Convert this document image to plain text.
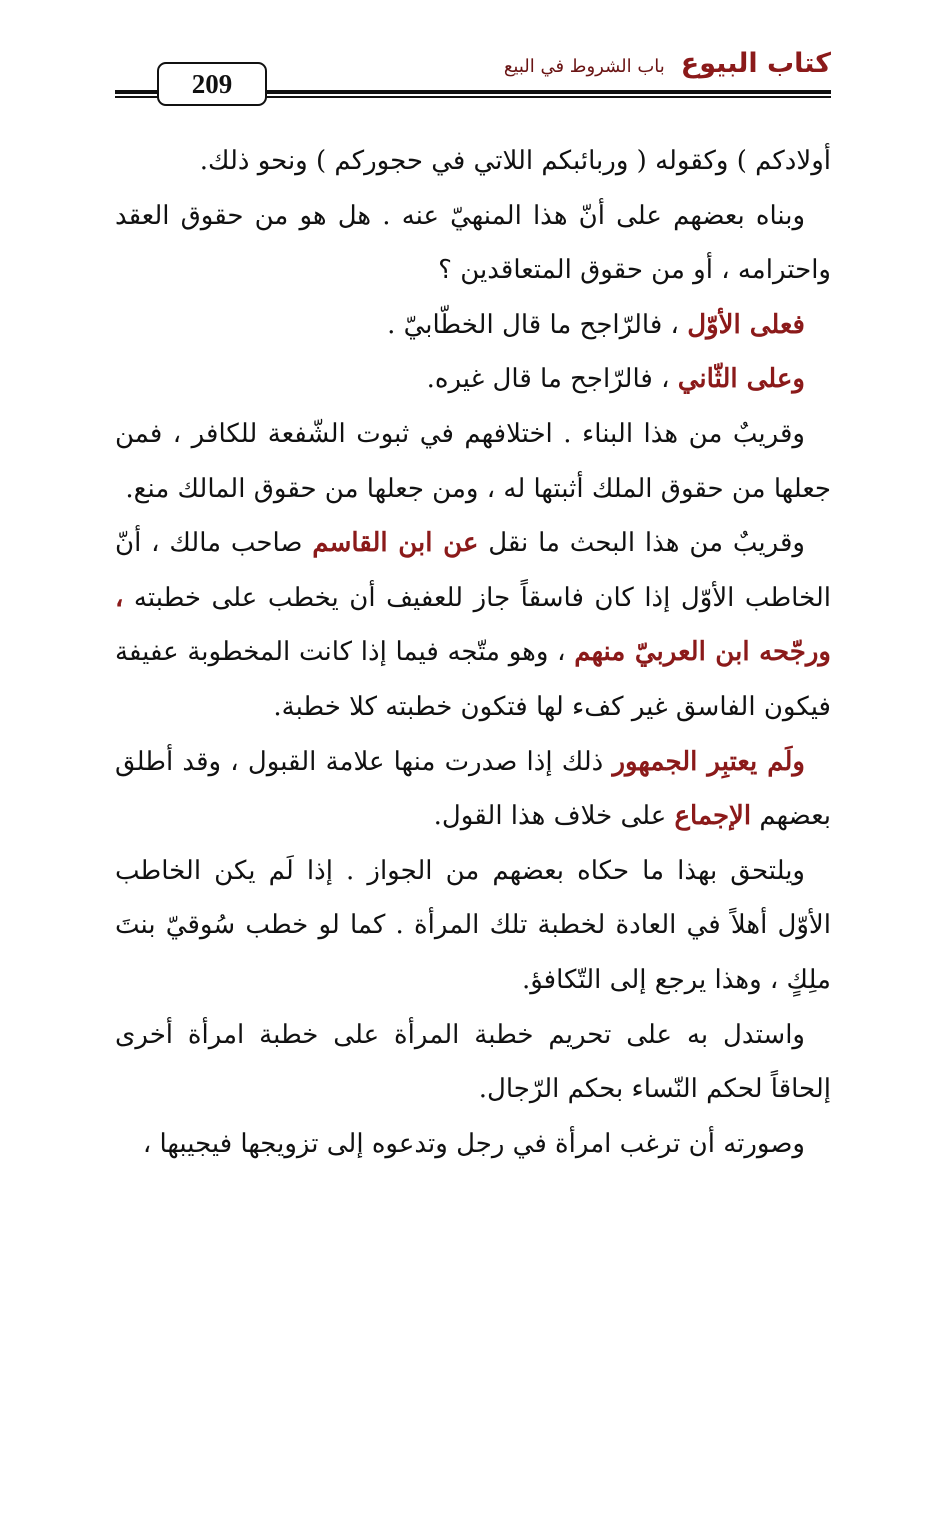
كتاب البيوع
باب الشروط في البيع
209

أولادكم ) وكقوله ( وربائبكم اللاتي في حجوركم ) ونحو ذلك.

وبناه بعضهم على أنّ هذا المنهيّ عنه . هل هو من حقوق العقد واحترامه ، أو من حقوق المتعاقدين ؟

فعلى الأوّل ، فالرّاجح ما قال الخطّابيّ .

وعلى الثّاني ، فالرّاجح ما قال غيره.

وقريبٌ من هذا البناء . اختلافهم في ثبوت الشّفعة للكافر ، فمن جعلها من حقوق الملك أثبتها له ، ومن جعلها من حقوق المالك منع.

وقريبٌ من هذا البحث ما نقل عن ابن القاسم صاحب مالك ، أنّ الخاطب الأوّل إذا كان فاسقاً جاز للعفيف أن يخطب على خطبته ، ورجّحه ابن العربيّ منهم ، وهو متّجه فيما إذا كانت المخطوبة عفيفة فيكون الفاسق غير كفء لها فتكون خطبته كلا خطبة.

ولَم يعتبِر الجمهور ذلك إذا صدرت منها علامة القبول ، وقد أطلق بعضهم الإجماع على خلاف هذا القول.

ويلتحق بهذا ما حكاه بعضهم من الجواز . إذا لَم يكن الخاطب الأوّل أهلاً في العادة لخطبة تلك المرأة . كما لو خطب سُوقيّ بنتَ ملِكٍ ، وهذا يرجع إلى التّكافؤ.

واستدل به على تحريم خطبة المرأة على خطبة امرأة أخرى إلحاقاً لحكم النّساء بحكم الرّجال.

وصورته أن ترغب امرأة في رجل وتدعوه إلى تزويجها فيجيبها ،
